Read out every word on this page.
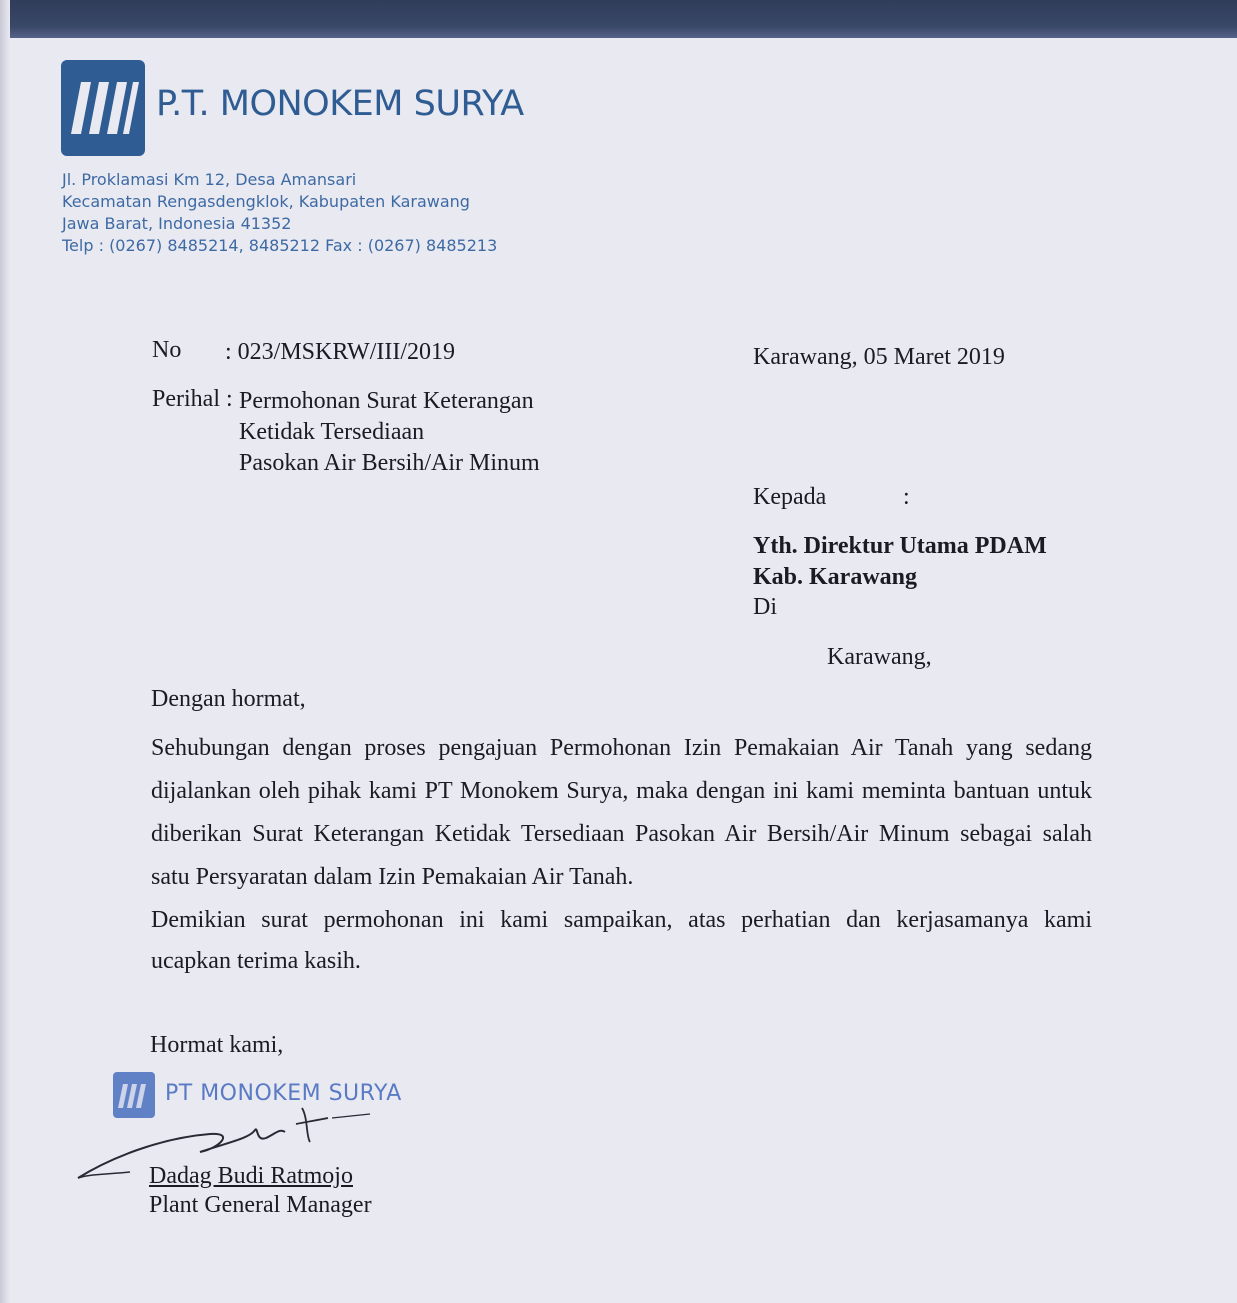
P.T. MONOKEM SURYA
Jl. Proklamasi Km 12, Desa Amansari
Kecamatan Rengasdengklok, Kabupaten Karawang
Jawa Barat, Indonesia 41352
Telp : (0267) 8485214, 8485212 Fax : (0267) 8485213
No : 023/MSKRW/III/2019	Karawang, 05 Maret 2019
Perihal : Permohonan Surat Keterangan
Ketidak Tersediaan
Pasokan Air Bersih/Air Minum
Kepada	:
Yth. Direktur Utama PDAM
Kab. Karawang
Di
Karawang,
Dengan hormat,
Sehubungan dengan proses pengajuan Permohonan Izin Pemakaian Air Tanah yang sedang
dijalankan oleh pihak kami PT Monokem Surya, maka dengan ini kami meminta bantuan untuk
diberikan Surat Keterangan Ketidak Tersediaan Pasokan Air Bersih/Air Minum sebagai salah
satu Persyaratan dalam Izin Pemakaian Air Tanah.
Demikian surat permohonan ini kami sampaikan, atas perhatian dan kerjasamanya kami
ucapkan terima kasih.
Hormat kami,
PT MONOKEM SURYA
Dadag Budi Ratmojo
Plant General Manager
